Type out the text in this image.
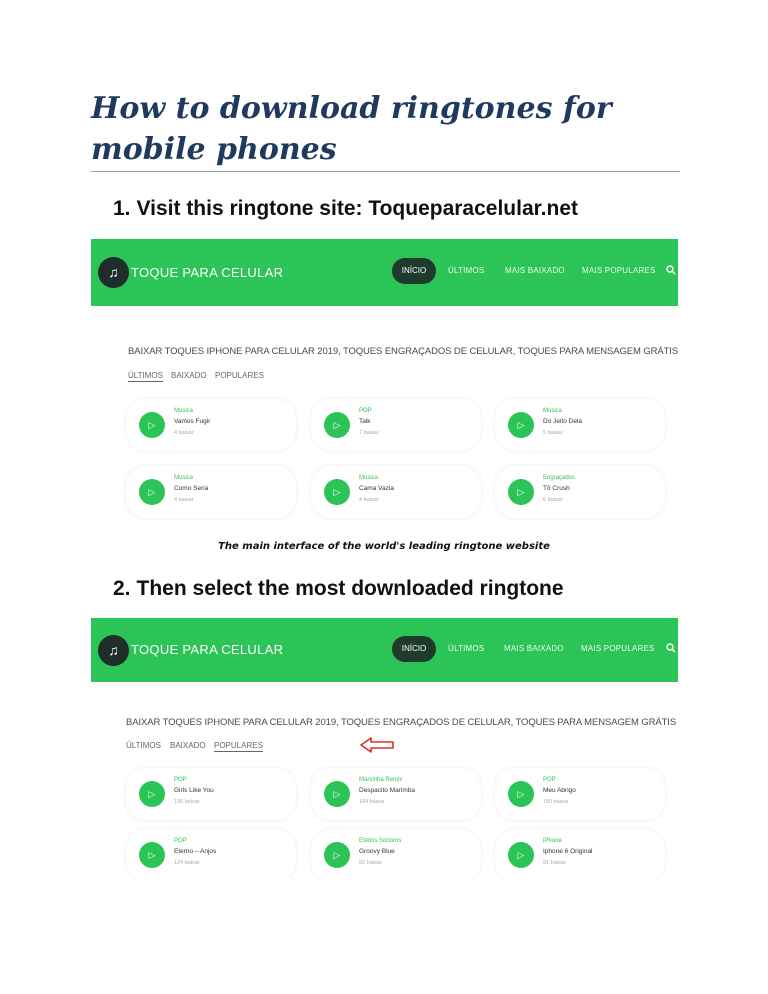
How to download ringtones for mobile phones
1. Visit this ringtone site: Toqueparacelular.net
♫ TOQUE PARA CELULAR	INÍCIO	ÚLTIMOS	MAIS BAIXADO MAIS POPULARES
BAIXAR TOQUES IPHONE PARA CELULAR 2019, TOQUES ENGRAÇADOS DE CELULAR, TOQUES PARA MENSAGEM GRÁTIS
ÚLTIMOS BAIXADO POPULARES
▷
Musica
Vamos Fugir
4 baixar
▷
POP
Talk
7 baixar
▷
Musica
Do Jeito Dela
5 baixar
▷
Musica
Como Seria
4 baixar
▷
Musica
Cama Vazia
4 baixar
▷
Engraçados
Tô Crush
6 baixar
The main interface of the world's leading ringtone website
2. Then select the most downloaded ringtone
♫ TOQUE PARA CELULAR	INÍCIO	ÚLTIMOS MAIS BAIXADO MAIS POPULARES
BAIXAR TOQUES IPHONE PARA CELULAR 2019, TOQUES ENGRAÇADOS DE CELULAR, TOQUES PARA MENSAGEM GRÁTIS
ÚLTIMOS BAIXADO POPULARES
▷
POP
Girls Like You
196 baixar
▷
Marcinha Remix
Despacito Marimba
164 baixar
▷
POP
Meu Abrigo
150 baixar
▷
POP
Eterno – Anjos
124 baixar
▷
Efeitos Sonoros
Groovy Blue
93 baixar
▷
iPhone
Iphone 6 Original
91 baixar
